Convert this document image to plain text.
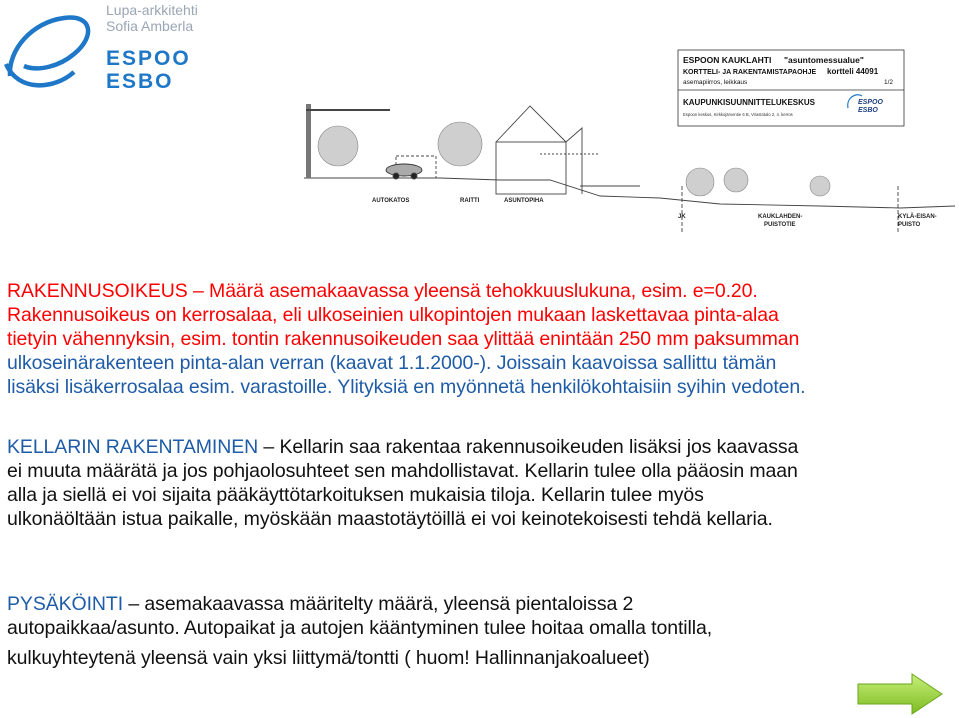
Lupa-arkkitehti
Sofia Amberla
ESPOO
ESBO
ESPOON KAUKLAHTI "asuntomessualue"
KORTTELI- JA RAKENTAMISTAPAOHJE kortteli 44091
asemapiirros, leikkaus	1/2
KAUPUNKISUUNNITTELUKESKUS
Espoon keskus, Kirkkojärventie 6 B, Virastotalo 2, 4. kerros
ESPOO
ESBO
AUTOKATOS	RAITTI	ASUNTOPIHA
JK	KAUKLAHDEN-
PUISTOTIE
KYLÄ-EISAN-
PUISTO
RAKENNUSOIKEUS – Määrä asemakaavassa yleensä tehokkuuslukuna, esim. e=0.20.
Rakennusoikeus on kerrosalaa, eli ulkoseinien ulkopintojen mukaan laskettavaa pinta-alaa
tietyin vähennyksin, esim. tontin rakennusoikeuden saa ylittää enintään 250 mm paksumman
ulkoseinärakenteen pinta-alan verran (kaavat 1.1.2000-). Joissain kaavoissa sallittu tämän
lisäksi lisäkerrosalaa esim. varastoille. Ylityksiä en myönnetä henkilökohtaisiin syihin vedoten.
KELLARIN RAKENTAMINEN – Kellarin saa rakentaa rakennusoikeuden lisäksi jos kaavassa
ei muuta määrätä ja jos pohjaolosuhteet sen mahdollistavat. Kellarin tulee olla pääosin maan
alla ja siellä ei voi sijaita pääkäyttötarkoituksen mukaisia tiloja. Kellarin tulee myös
ulkonäöltään istua paikalle, myöskään maastotäytöillä ei voi keinotekoisesti tehdä kellaria.
PYSÄKÖINTI – asemakaavassa määritelty määrä, yleensä pientaloissa 2
autopaikkaa/asunto. Autopaikat ja autojen kääntyminen tulee hoitaa omalla tontilla,
kulkuyhteytenä yleensä vain yksi liittymä/tontti ( huom! Hallinnanjakoalueet)
